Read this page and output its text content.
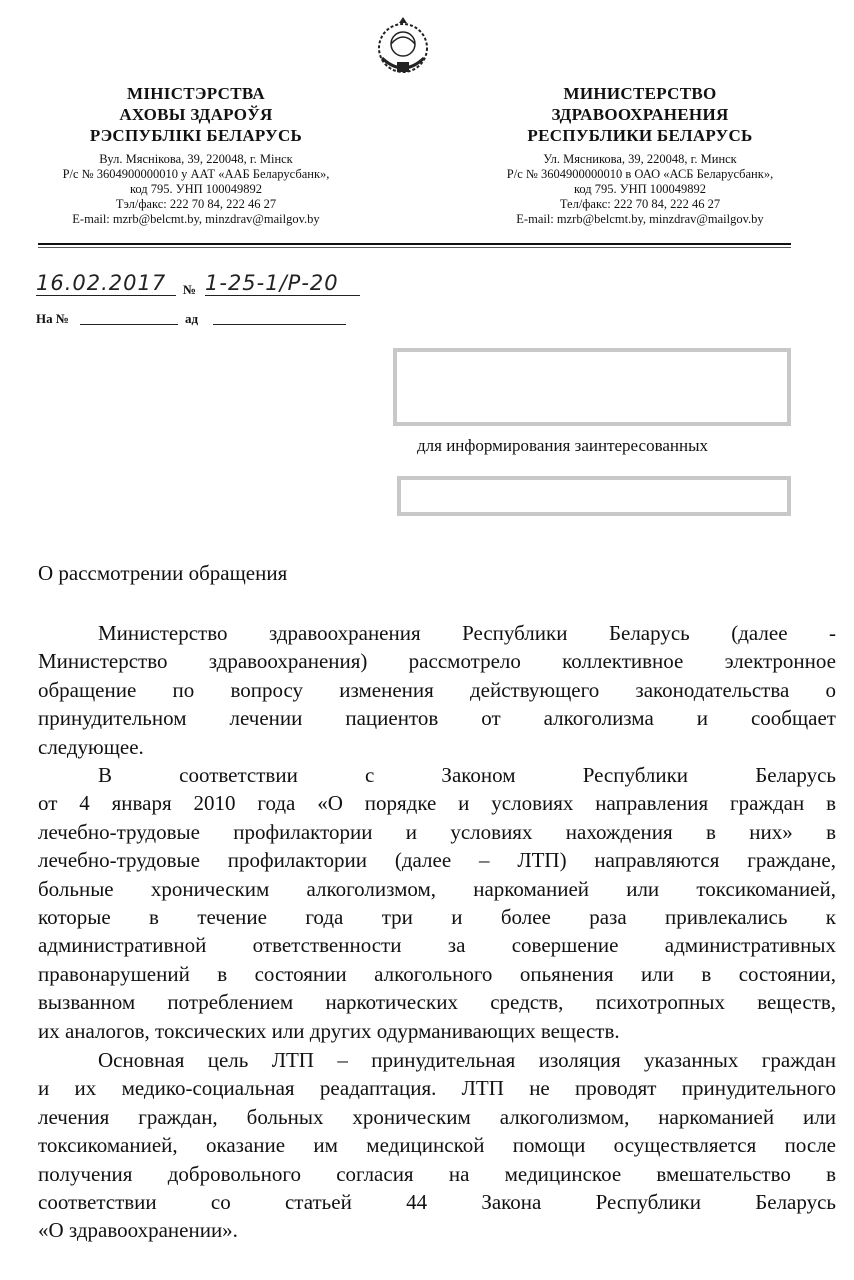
МІНІСТЭРСТВА
АХОВЫ ЗДАРОЎЯ
РЭСПУБЛІКІ БЕЛАРУСЬ
Вул. Мяснікова, 39, 220048, г. Мінск
Р/с № 3604900000010 у ААТ «ААБ Беларусбанк»,
код 795. УНП 100049892
Тэл/факс: 222 70 84, 222 46 27
E-mail: mzrb@belcmt.by, minzdrav@mailgov.by
МИНИСТЕРСТВО
ЗДРАВООХРАНЕНИЯ
РЕСПУБЛИКИ БЕЛАРУСЬ
Ул. Мясникова, 39, 220048, г. Минск
Р/с № 3604900000010 в ОАО «АСБ Беларусбанк»,
код 795. УНП 100049892
Тел/факс: 222 70 84, 222 46 27
E-mail: mzrb@belcmt.by, minzdrav@mailgov.by
16.02.2017	№ 1-25-1/Р-20
На №	ад
для информирования заинтересованных
О рассмотрении обращения
Министерство здравоохранения Республики Беларусь (далее -
Министерство здравоохранения) рассмотрело коллективное электронное
обращение по вопросу изменения действующего законодательства о
принудительном лечении пациентов от алкоголизма и сообщает
следующее.
В соответствии с Законом Республики Беларусь
от 4 января 2010 года «О порядке и условиях направления граждан в
лечебно-трудовые профилактории и условиях нахождения в них» в
лечебно-трудовые профилактории (далее – ЛТП) направляются граждане,
больные хроническим алкоголизмом, наркоманией или токсикоманией,
которые в течение года три и более раза привлекались к
административной ответственности за совершение административных
правонарушений в состоянии алкогольного опьянения или в состоянии,
вызванном потреблением наркотических средств, психотропных веществ,
их аналогов, токсических или других одурманивающих веществ.
Основная цель ЛТП – принудительная изоляция указанных граждан
и их медико-социальная реадаптация. ЛТП не проводят принудительного
лечения граждан, больных хроническим алкоголизмом, наркоманией или
токсикоманией, оказание им медицинской помощи осуществляется после
получения добровольного согласия на медицинское вмешательство в
соответствии со статьей 44 Закона Республики Беларусь
«О здравоохранении».
